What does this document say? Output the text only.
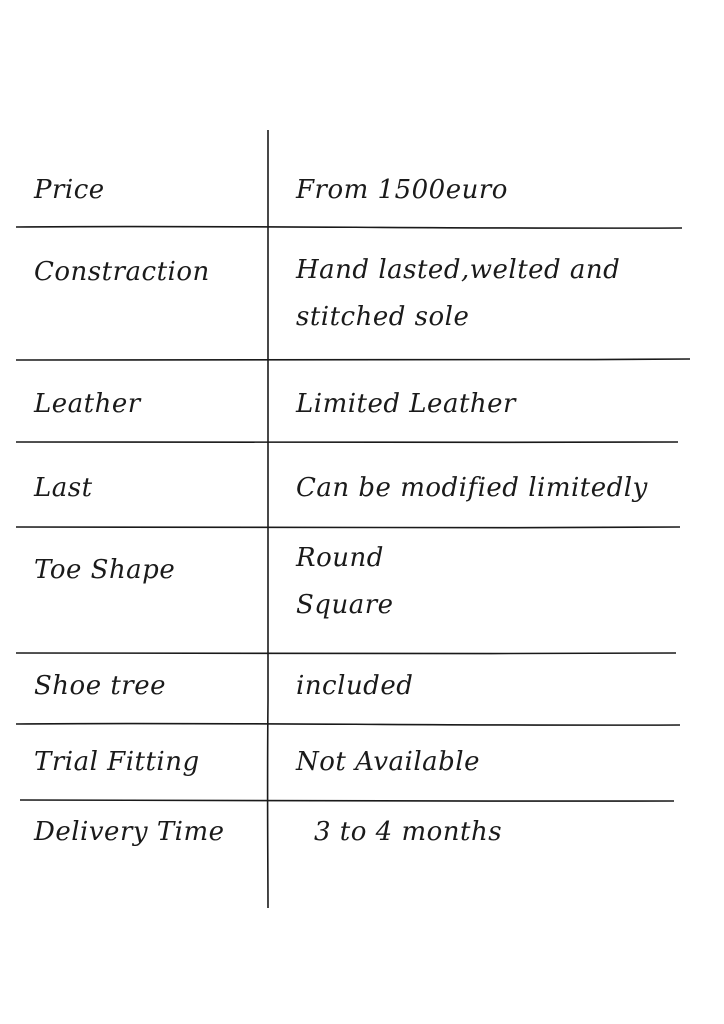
Price	From 1500euro
Constraction	Hand lasted,welted and
stitched sole
Leather	Limited Leather
Last	Can be modified limitedly
Toe Shape	Round
Square
Shoe tree	included
Trial Fitting	Not Available
Delivery Time	3 to 4 months
